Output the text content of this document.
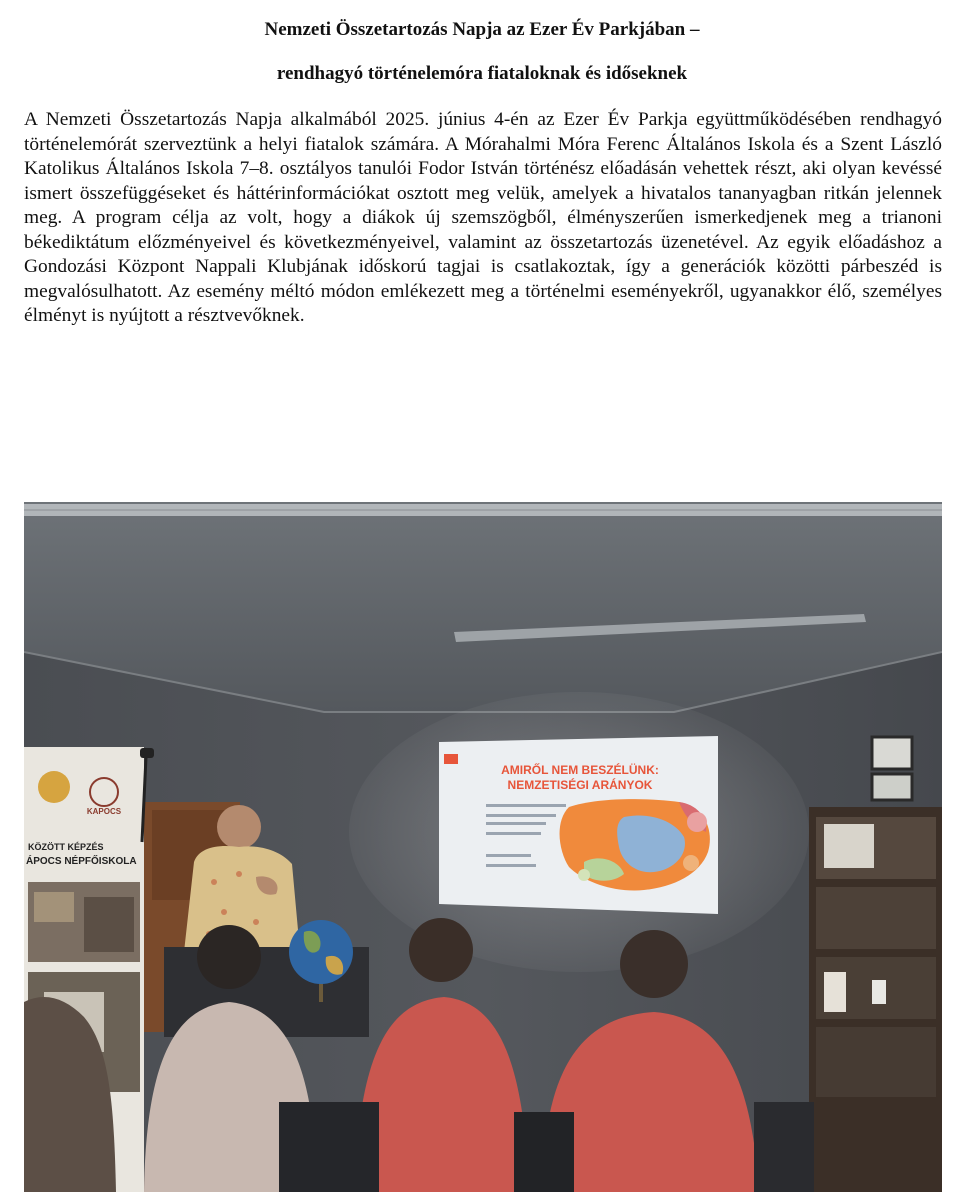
Nemzeti Összetartozás Napja az Ezer Év Parkjában –
rendhagyó történelemóra fiataloknak és időseknek

A Nemzeti Összetartozás Napja alkalmából 2025. június 4-én az Ezer Év Parkja együttműködésében rendhagyó történelemórát szerveztünk a helyi fiatalok számára. A Mórahalmi Móra Ferenc Általános Iskola és a Szent László Katolikus Általános Iskola 7–8. osztályos tanulói Fodor István történész előadásán vehettek részt, aki olyan kevéssé ismert összefüggéseket és háttérinformációkat osztott meg velük, amelyek a hivatalos tananyagban ritkán jelennek meg. A program célja az volt, hogy a diákok új szemszögből, élményszerűen ismerkedjenek meg a trianoni békediktátum előzményeivel és következményeivel, valamint az összetartozás üzenetével. Az egyik előadáshoz a Gondozási Központ Nappali Klubjának időskorú tagjai is csatlakoztak, így a generációk közötti párbeszéd is megvalósulhatott. Az esemény méltó módon emlékezett meg a történelmi eseményekről, ugyanakkor élő, személyes élményt is nyújtott a résztvevőknek.

AMIRŐL NEM BESZÉLÜNK:
NEMZETISÉGI ARÁNYOK
KAPOCS
KÖZÖTT KÉPZÉS
ÁPOCS NÉPFŐISKOLA
